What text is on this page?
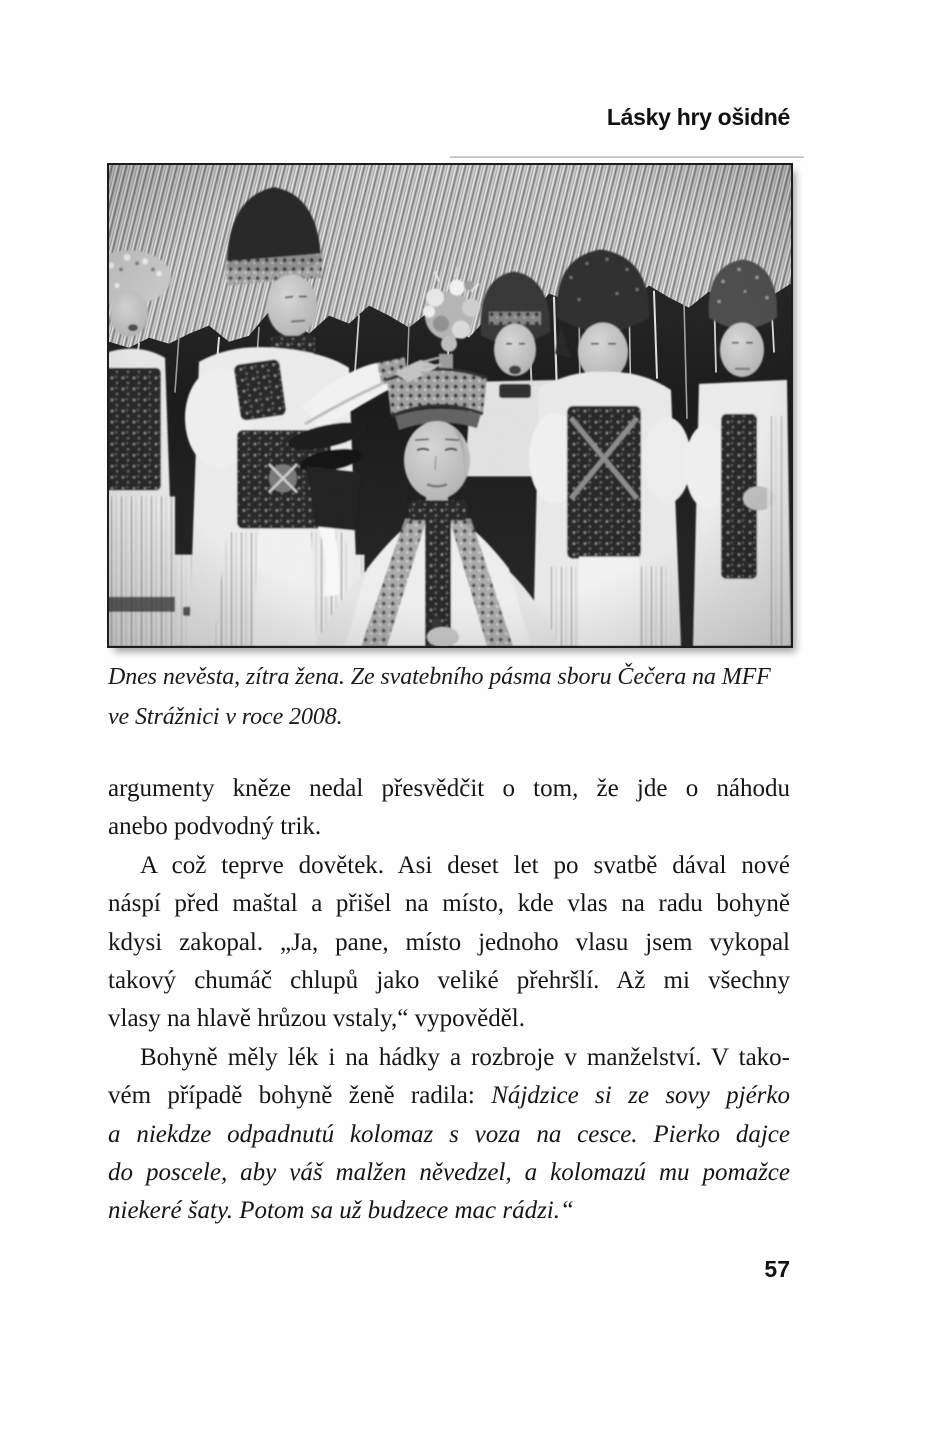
Lásky hry ošidné
Dnes nevěsta, zítra žena. Ze svatebního pásma sboru Čečera na MFF
ve Strážnici v roce 2008.
argumenty kněze nedal přesvědčit o tom, že jde o náhodu
anebo podvodný trik.
A což teprve dovětek. Asi deset let po svatbě dával nové
náspí před maštal a přišel na místo, kde vlas na radu bohyně
kdysi zakopal. „Ja, pane, místo jednoho vlasu jsem vykopal
takový chumáč chlupů jako veliké přehršlí. Až mi všechny
vlasy na hlavě hrůzou vstaly,“ vypověděl.
Bohyně měly lék i na hádky a rozbroje v manželství. V tako-
vém případě bohyně ženě radila: Nájdzice si ze sovy pjérko
a niekdze odpadnutú kolomaz s voza na cesce. Pierko dajce
do poscele, aby váš malžen něvedzel, a kolomazú mu pomažce
niekeré šaty. Potom sa už budzece mac rádzi.“
57
